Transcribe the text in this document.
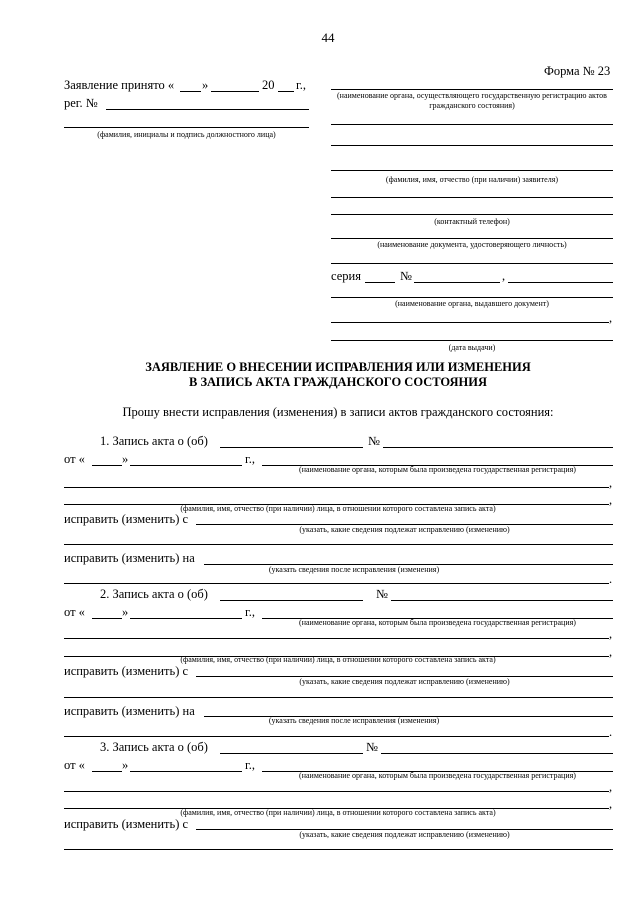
44
Форма № 23
Заявление принято « »	20 г.,
рег. №
(фамилия, инициалы и подпись должностного лица)
(наименование органа, осуществляющего государственную регистрацию актов гражданского состояния)
(фамилия, имя, отчество (при наличии) заявителя)
(контактный телефон)
(наименование документа, удостоверяющего личность)
серия	№	,
(наименование органа, выдавшего документ)
,
(дата выдачи)
ЗАЯВЛЕНИЕ О ВНЕСЕНИИ ИСПРАВЛЕНИЯ ИЛИ ИЗМЕНЕНИЯ
В ЗАПИСЬ АКТА ГРАЖДАНСКОГО СОСТОЯНИЯ
Прошу внести исправления (изменения) в записи актов гражданского состояния:
1. Запись акта о (об)	№
от «	»	г.,
(наименование органа, которым была произведена государственная регистрация)
,
,
(фамилия, имя, отчество (при наличии) лица, в отношении которого составлена запись акта)
исправить (изменить) с
(указать, какие сведения подлежат исправлению (изменению)
исправить (изменить) на
(указать сведения после исправления (изменения)
.
2. Запись акта о (об)	№
от «	»	г.,
(наименование органа, которым была произведена государственная регистрация)
,
,
(фамилия, имя, отчество (при наличии) лица, в отношении которого составлена запись акта)
исправить (изменить) с
(указать, какие сведения подлежат исправлению (изменению)
исправить (изменить) на
(указать сведения после исправления (изменения)
.
3. Запись акта о (об)	№
от «	»	г.,
(наименование органа, которым была произведена государственная регистрация)
,
,
(фамилия, имя, отчество (при наличии) лица, в отношении которого составлена запись акта)
исправить (изменить) с
(указать, какие сведения подлежат исправлению (изменению)
